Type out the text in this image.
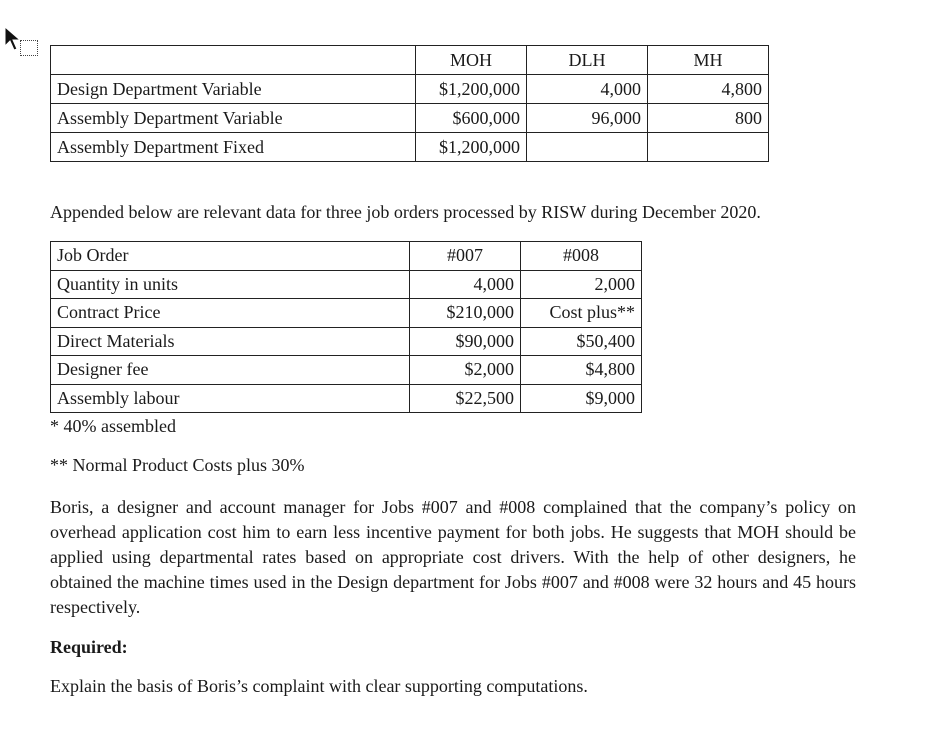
	MOH	DLH	MH
Design Department Variable	$1,200,000	4,000	4,800
Assembly Department Variable	$600,000	96,000	800
Assembly Department Fixed	$1,200,000		
Appended below are relevant data for three job orders processed by RISW during December 2020.
Job Order	#007	#008
Quantity in units	4,000	2,000
Contract Price	$210,000	Cost plus**
Direct Materials	$90,000	$50,400
Designer fee	$2,000	$4,800
Assembly labour	$22,500	$9,000
* 40% assembled
** Normal Product Costs plus 30%
Boris, a designer and account manager for Jobs #007 and #008 complained that the company’s policy on overhead application cost him to earn less incentive payment for both jobs. He suggests that MOH should be applied using departmental rates based on appropriate cost drivers. With the help of other designers, he obtained the machine times used in the Design department for Jobs #007 and #008 were 32 hours and 45 hours respectively.
Required:
Explain the basis of Boris’s complaint with clear supporting computations.
